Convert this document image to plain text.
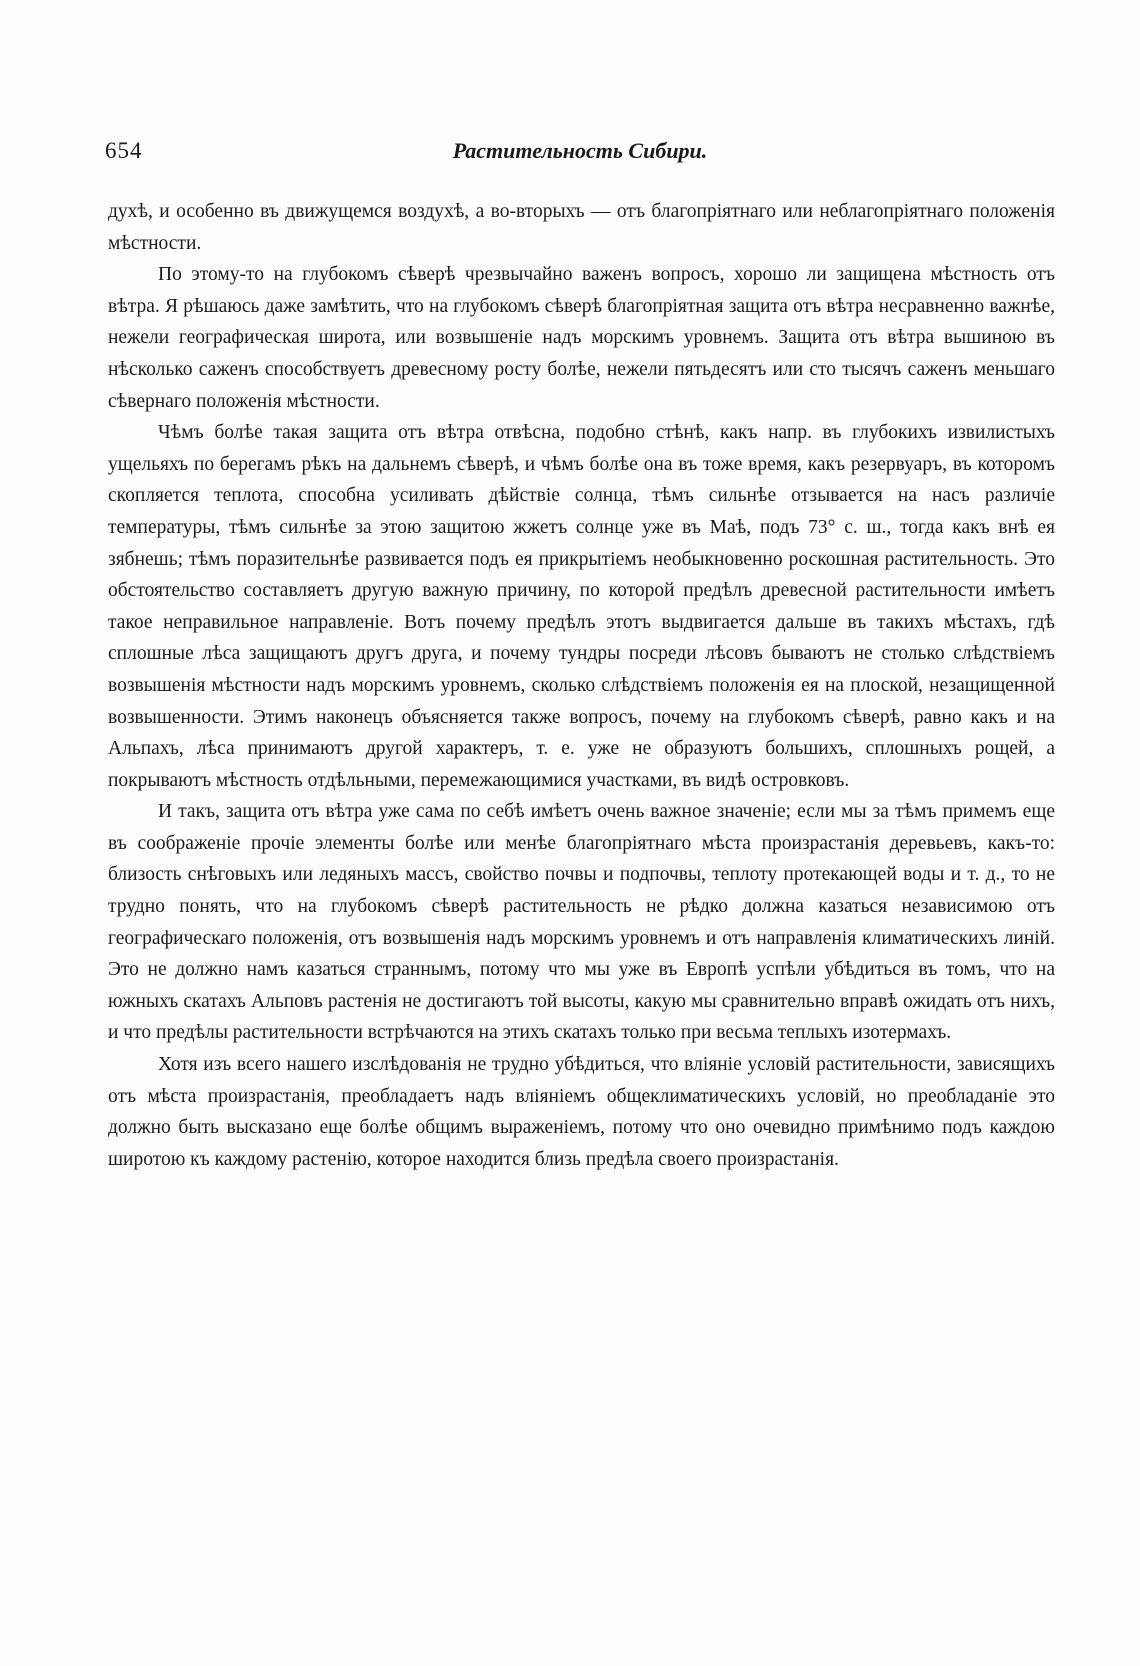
654	Растительность Сибири.

духѣ, и особенно въ движущемся воздухѣ, а во-вторыхъ — отъ благопріятнаго или неблагопріятнаго положенія мѣстности.

По этому-то на глубокомъ сѣверѣ чрезвычайно важенъ вопросъ, хорошо ли защищена мѣстность отъ вѣтра. Я рѣшаюсь даже замѣтить, что на глубокомъ сѣверѣ благопріятная защита отъ вѣтра несравненно важнѣе, нежели географическая широта, или возвышеніе надъ морскимъ уровнемъ. Защита отъ вѣтра вышиною въ нѣсколько саженъ способствуетъ древесному росту болѣе, нежели пятьдесятъ или сто тысячъ саженъ меньшаго сѣвернаго положенія мѣстности.

Чѣмъ болѣе такая защита отъ вѣтра отвѣсна, подобно стѣнѣ, какъ напр. въ глубокихъ извилистыхъ ущельяхъ по берегамъ рѣкъ на дальнемъ сѣверѣ, и чѣмъ болѣе она въ тоже время, какъ резервуаръ, въ которомъ скопляется теплота, способна усиливать дѣйствіе солнца, тѣмъ сильнѣе отзывается на насъ различіе температуры, тѣмъ сильнѣе за этою защитою жжетъ солнце уже въ Маѣ, подъ 73° с. ш., тогда какъ внѣ ея зябнешь; тѣмъ поразительнѣе развивается подъ ея прикрытіемъ необыкновенно роскошная растительность. Это обстоятельство составляетъ другую важную причину, по которой предѣлъ древесной растительности имѣетъ такое неправильное направленіе. Вотъ почему предѣлъ этотъ выдвигается дальше въ такихъ мѣстахъ, гдѣ сплошные лѣса защищаютъ другъ друга, и почему тундры посреди лѣсовъ бываютъ не столько слѣдствіемъ возвышенія мѣстности надъ морскимъ уровнемъ, сколько слѣдствіемъ положенія ея на плоской, незащищенной возвышенности. Этимъ наконецъ объясняется также вопросъ, почему на глубокомъ сѣверѣ, равно какъ и на Альпахъ, лѣса принимаютъ другой характеръ, т. е. уже не образуютъ большихъ, сплошныхъ рощей, а покрываютъ мѣстность отдѣльными, перемежающимися участками, въ видѣ островковъ.

И такъ, защита отъ вѣтра уже сама по себѣ имѣетъ очень важное значеніе; если мы за тѣмъ примемъ еще въ соображеніе прочіе элементы болѣе или менѣе благопріятнаго мѣста произрастанія деревьевъ, какъ-то: близость снѣговыхъ или ледяныхъ массъ, свойство почвы и подпочвы, теплоту протекающей воды и т. д., то не трудно понять, что на глубокомъ сѣверѣ растительность не рѣдко должна казаться независимою отъ географическаго положенія, отъ возвышенія надъ морскимъ уровнемъ и отъ направленія климатическихъ линій. Это не должно намъ казаться страннымъ, потому что мы уже въ Европѣ успѣли убѣдиться въ томъ, что на южныхъ скатахъ Альповъ растенія не достигаютъ той высоты, какую мы сравнительно вправѣ ожидать отъ нихъ, и что предѣлы растительности встрѣчаются на этихъ скатахъ только при весьма теплыхъ изотермахъ.

Хотя изъ всего нашего изслѣдованія не трудно убѣдиться, что вліяніе условій растительности, зависящихъ отъ мѣста произрастанія, преобладаетъ надъ вліяніемъ общеклиматическихъ условій, но преобладаніе это должно быть высказано еще болѣе общимъ выраженіемъ, потому что оно очевидно примѣнимо подъ каждою широтою къ каждому растенію, которое находится близь предѣла своего произрастанія.
